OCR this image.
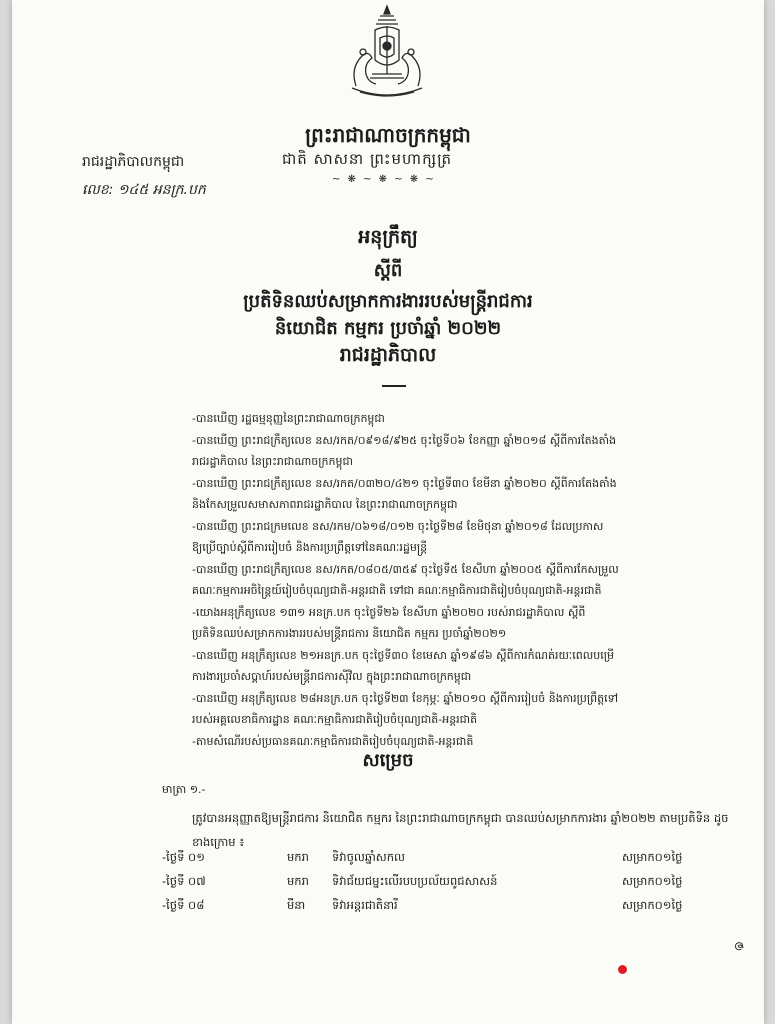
ព្រះរាជាណាចក្រកម្ពុជា
ជាតិ សាសនា ព្រះមហាក្សត្រ
~ ❋ ~ ❋ ~ ❋ ~
រាជរដ្ឋាភិបាលកម្ពុជា
លេខ: ១៤៥ អនក្រ.បក
អនុក្រឹត្យ
ស្ដីពី
ប្រតិទិនឈប់សម្រាកការងាររបស់មន្ត្រីរាជការ
និយោជិត កម្មករ ប្រចាំឆ្នាំ ២០២២
រាជរដ្ឋាភិបាល
-បានឃើញ រដ្ឋធម្មនុញ្ញនៃព្រះរាជាណាចក្រកម្ពុជា
-បានឃើញ ព្រះរាជក្រឹត្យលេខ នស/រកត/០៩១៨/៩២៥ ចុះថ្ងៃទី០៦ ខែកញ្ញា ឆ្នាំ២០១៨ ស្ដីពីការតែងតាំង
រាជរដ្ឋាភិបាល នៃព្រះរាជាណាចក្រកម្ពុជា
-បានឃើញ ព្រះរាជក្រឹត្យលេខ នស/រកត/០៣២០/៤២១ ចុះថ្ងៃទី៣០ ខែមីនា ឆ្នាំ២០២០ ស្ដីពីការតែងតាំង
និងកែសម្រួលសមាសភាពរាជរដ្ឋាភិបាល នៃព្រះរាជាណាចក្រកម្ពុជា
-បានឃើញ ព្រះរាជក្រមលេខ នស/រកម/០៦១៨/០១២ ចុះថ្ងៃទី២៨ ខែមិថុនា ឆ្នាំ២០១៨ ដែលប្រកាស
ឱ្យប្រើច្បាប់ស្ដីពីការរៀបចំ និងការប្រព្រឹត្តទៅនៃគណៈរដ្ឋមន្ត្រី
-បានឃើញ ព្រះរាជក្រឹត្យលេខ នស/រកត/០៨០៥/៣៥៩ ចុះថ្ងៃទី៥ ខែសីហា ឆ្នាំ២០០៥ ស្ដីពីការកែសម្រួល
គណៈកម្មការអចិន្ត្រៃយ៍រៀបចំបុណ្យជាតិ-អន្តរជាតិ ទៅជា គណៈកម្មាធិការជាតិរៀបចំបុណ្យជាតិ-អន្តរជាតិ
-យោងអនុក្រឹត្យលេខ ១៣១ អនក្រ.បក ចុះថ្ងៃទី២៦ ខែសីហា ឆ្នាំ២០២០ របស់រាជរដ្ឋាភិបាល ស្ដីពី
ប្រតិទិនឈប់សម្រាកការងាររបស់មន្ត្រីរាជការ និយោជិត កម្មករ ប្រចាំឆ្នាំ២០២១
-បានឃើញ អនុក្រឹត្យលេខ ២១អនក្រ.បក ចុះថ្ងៃទី៣០ ខែមេសា ឆ្នាំ១៩៨៦ ស្ដីពីការកំណត់រយៈពេលបម្រើ
ការងារប្រចាំសប្ដាហ៍របស់មន្ត្រីរាជការស៊ីវិល ក្នុងព្រះរាជាណាចក្រកម្ពុជា
-បានឃើញ អនុក្រឹត្យលេខ ២៨អនក្រ.បក ចុះថ្ងៃទី២៣ ខែកុម្ភៈ ឆ្នាំ២០១០ ស្ដីពីការរៀបចំ និងការប្រព្រឹត្តទៅ
របស់អគ្គលេខាធិការដ្ឋាន គណៈកម្មាធិការជាតិរៀបចំបុណ្យជាតិ-អន្តរជាតិ
-តាមសំណើរបស់ប្រធានគណៈកម្មាធិការជាតិរៀបចំបុណ្យជាតិ-អន្តរជាតិ
សម្រេច
មាត្រា ១.-
ត្រូវបានអនុញ្ញាតឱ្យមន្ត្រីរាជការ និយោជិត កម្មករ នៃព្រះរាជាណាចក្រកម្ពុជា បានឈប់សម្រាកការងារ ឆ្នាំ២០២២ តាមប្រតិទិន ដូចខាងក្រោម ៖
-ថ្ងៃទី ០១	មករា ទិវាចូលឆ្នាំសកល	សម្រាក០១ថ្ងៃ
-ថ្ងៃទី ០៧	មករា ទិវាជ័យជម្នះលើរបបប្រល័យពូជសាសន៍	សម្រាក០១ថ្ងៃ
-ថ្ងៃទី ០៨	មីនា ទិវាអន្តរជាតិនារី	សម្រាក០១ថ្ងៃ
ဇ
